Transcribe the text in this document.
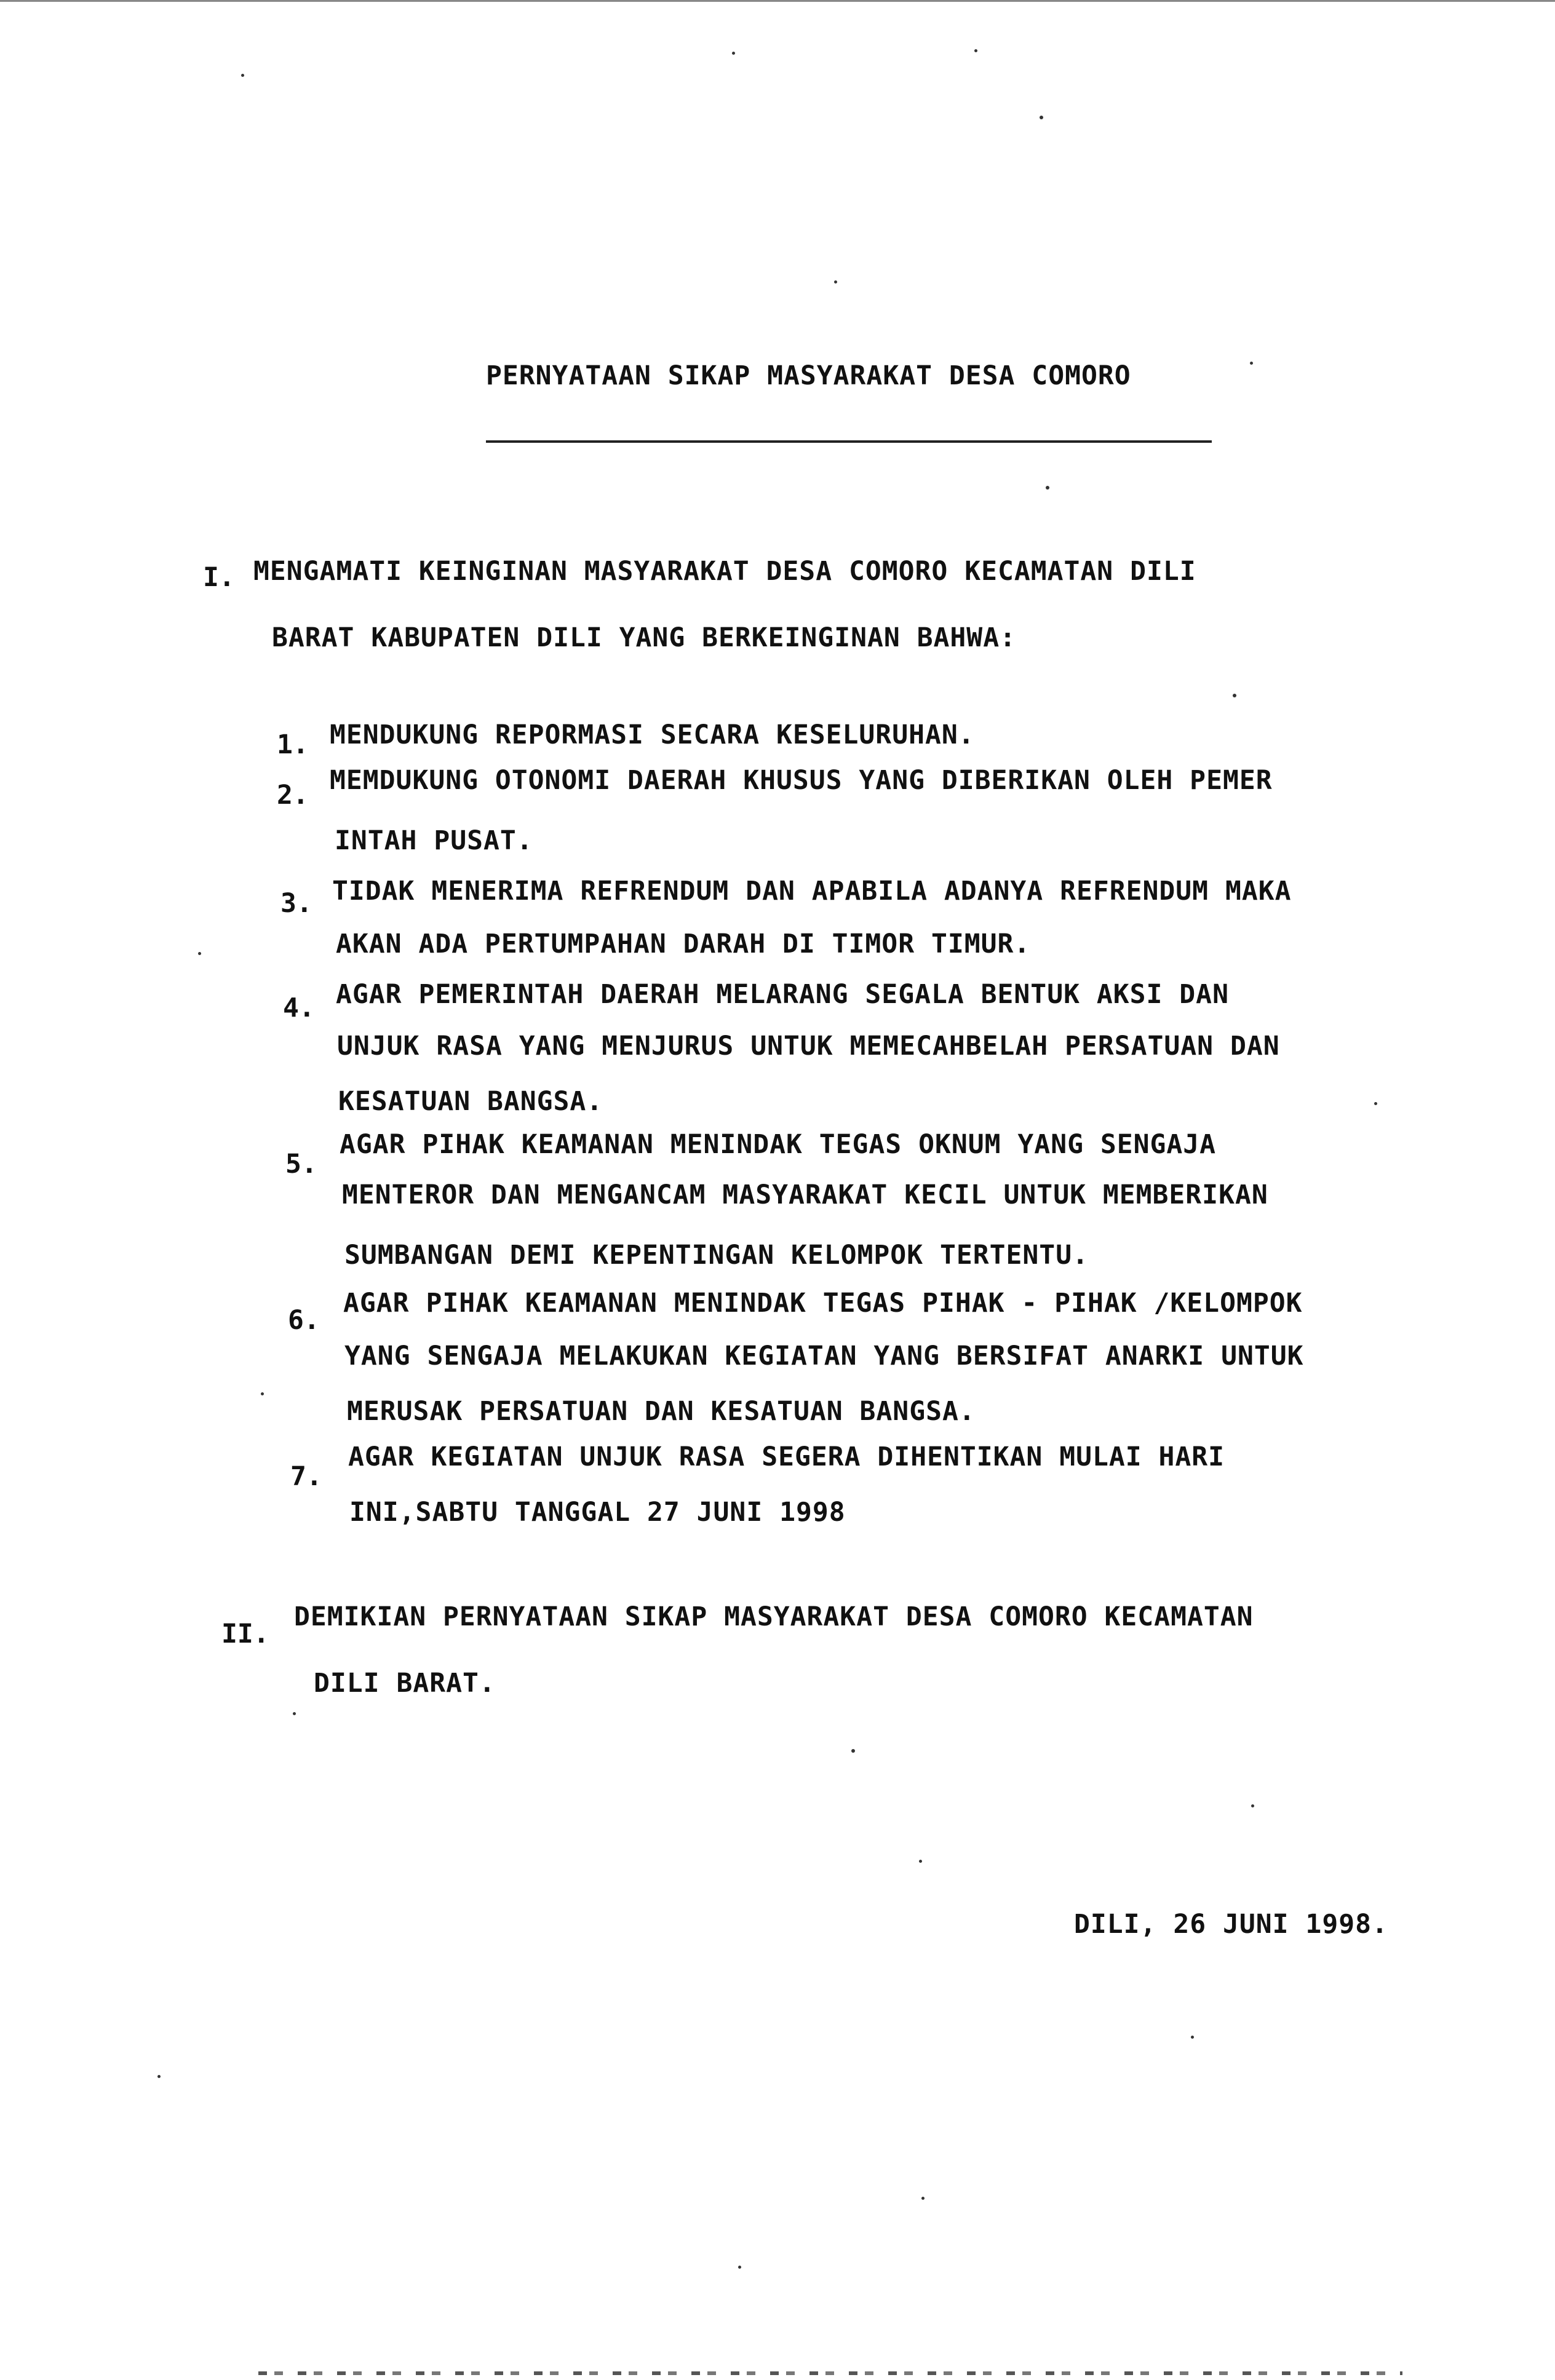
PERNYATAAN SIKAP MASYARAKAT DESA COMORO
I. MENGAMATI KEINGINAN MASYARAKAT DESA COMORO KECAMATAN DILI
BARAT KABUPATEN DILI YANG BERKEINGINAN BAHWA:
1. MENDUKUNG REPORMASI SECARA KESELURUHAN.
2. MEMDUKUNG OTONOMI DAERAH KHUSUS YANG DIBERIKAN OLEH PEMER
INTAH PUSAT.
3. TIDAK MENERIMA REFRENDUM DAN APABILA ADANYA REFRENDUM MAKA
AKAN ADA PERTUMPAHAN DARAH DI TIMOR TIMUR.
4. AGAR PEMERINTAH DAERAH MELARANG SEGALA BENTUK AKSI DAN
UNJUK RASA YANG MENJURUS UNTUK MEMECAHBELAH PERSATUAN DAN
KESATUAN BANGSA.
5.
AGAR PIHAK KEAMANAN MENINDAK TEGAS OKNUM YANG SENGAJA
MENTEROR DAN MENGANCAM MASYARAKAT KECIL UNTUK MEMBERIKAN
SUMBANGAN DEMI KEPENTINGAN KELOMPOK TERTENTU.
6.
AGAR PIHAK KEAMANAN MENINDAK TEGAS PIHAK - PIHAK /KELOMPOK
YANG SENGAJA MELAKUKAN KEGIATAN YANG BERSIFAT ANARKI UNTUK
MERUSAK PERSATUAN DAN KESATUAN BANGSA.
7.
AGAR KEGIATAN UNJUK RASA SEGERA DIHENTIKAN MULAI HARI
INI,SABTU TANGGAL 27 JUNI 1998
II.
DEMIKIAN PERNYATAAN SIKAP MASYARAKAT DESA COMORO KECAMATAN
DILI BARAT.
DILI, 26 JUNI 1998.
